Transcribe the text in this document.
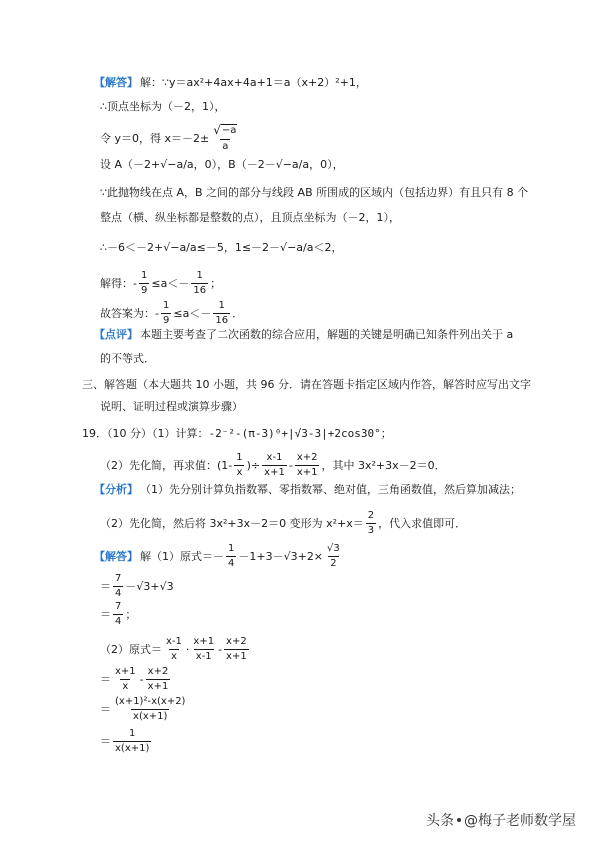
【解答】 解：∵y＝ax²+4ax+4a+1＝a（x+2）²+1，
∴顶点坐标为（－2，1），
令 y＝0，得 $x=-2\pm \frac{√ -a}{a}$
设 A（－2+√−a/a，0），B（－2－√−a/a，0），
∵此抛物线在点 A，B 之间的部分与线段 AB 所围成的区域内（包括边界）有且只有 8 个
整点（横、纵坐标都是整数的点），且顶点坐标为（－2，1），
∴－6＜－2+√−a/a≤－5，1≤－2－√−a/a＜2，
解得： - $\frac{1}{9} \le a<- \frac{1}{16}$ ；
故答案为： - $\frac{1}{9} \le a<- \frac{1}{16}$ ．
【点评】 本题主要考查了二次函数的综合应用，解题的关键是明确已知条件列出关于 a
的不等式．
三、解答题（本大题共 10 小题，共 96 分．请在答题卡指定区域内作答，解答时应写出文字
说明、证明过程或演算步骤）
19．（10 分）（1）计算： -2⁻²-(π-3)⁰+|√3-3|+2cos30° ；
（2）先化简，再求值： ($1- \frac{1}{x}$ )÷ $\frac{x-1}{x+1} - \frac{x+2}{x+1}$ ，其中 3x²+3x－2＝0．
【分析】 （1）先分别计算负指数幂、零指数幂、绝对值，三角函数值，然后算加减法；
（2）先化简，然后将 3x²+3x－2＝0 变形为 $x^2+x= \frac{2}{3}$ ，代入求值即可．
【解答】 解（1）原式＝ － $\frac{1}{4} -1+3-√3+2\times \frac{√3}{2}$
＝ $\frac{7}{4} -√3+√3$
＝ $\frac{7}{4}$ ；
（2）原式＝ $\frac{x-1}{x} \cdot \frac{x+1}{x-1} - \frac{x+2}{x+1}$
＝ $\frac{x+1}{x} - \frac{x+2}{x+1}$
＝ $\frac{\text{(x+1)²-x(x+2)}}{x(x+1)}$
＝ $\frac{1}{x(x+1)}$
头条 @梅子老师数学屋
